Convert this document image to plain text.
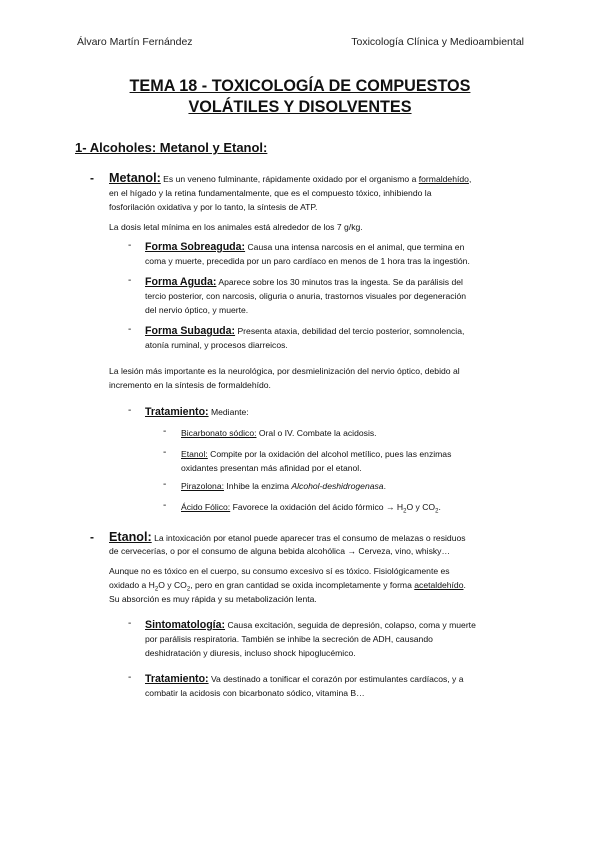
Álvaro Martín Fernández	Toxicología Clínica y Medioambiental
TEMA 18 - TOXICOLOGÍA DE COMPUESTOS
VOLÁTILES Y DISOLVENTES
1- Alcoholes: Metanol y Etanol:
- Metanol: Es un veneno fulminante, rápidamente oxidado por el organismo a formaldehído,
en el hígado y la retina fundamentalmente, que es el compuesto tóxico, inhibiendo la
fosforilación oxidativa y por lo tanto, la síntesis de ATP.
La dosis letal mínima en los animales está alrededor de los 7 g/kg.
- Forma Sobreaguda: Causa una intensa narcosis en el animal, que termina en
coma y muerte, precedida por un paro cardíaco en menos de 1 hora tras la ingestión.
- Forma Aguda: Aparece sobre los 30 minutos tras la ingesta. Se da parálisis del
tercio posterior, con narcosis, oliguria o anuria, trastornos visuales por degeneración
del nervio óptico, y muerte.
- Forma Subaguda: Presenta ataxia, debilidad del tercio posterior, somnolencia,
atonía ruminal, y procesos diarreicos.
La lesión más importante es la neurológica, por desmielinización del nervio óptico, debido al
incremento en la síntesis de formaldehído.
- Tratamiento: Mediante:
- Bicarbonato sódico: Oral o IV. Combate la acidosis.
- Etanol: Compite por la oxidación del alcohol metílico, pues las enzimas
oxidantes presentan más afinidad por el etanol.
- Pirazolona: Inhibe la enzima Alcohol-deshidrogenasa.
- Ácido Fólico: Favorece la oxidación del ácido fórmico → $H_2O$ y $CO_2$.
- Etanol: La intoxicación por etanol puede aparecer tras el consumo de melazas o residuos
de cervecerías, o por el consumo de alguna bebida alcohólica → Cerveza, vino, whisky…
Aunque no es tóxico en el cuerpo, su consumo excesivo sí es tóxico. Fisiológicamente es
oxidado a $H_2O$ y $CO_2$, pero en gran cantidad se oxida incompletamente y forma acetaldehído.
Su absorción es muy rápida y su metabolización lenta.
- Sintomatología: Causa excitación, seguida de depresión, colapso, coma y muerte
por parálisis respiratoria. También se inhibe la secreción de ADH, causando
deshidratación y diuresis, incluso shock hipoglucémico.
- Tratamiento: Va destinado a tonificar el corazón por estimulantes cardíacos, y a
combatir la acidosis con bicarbonato sódico, vitamina B…
